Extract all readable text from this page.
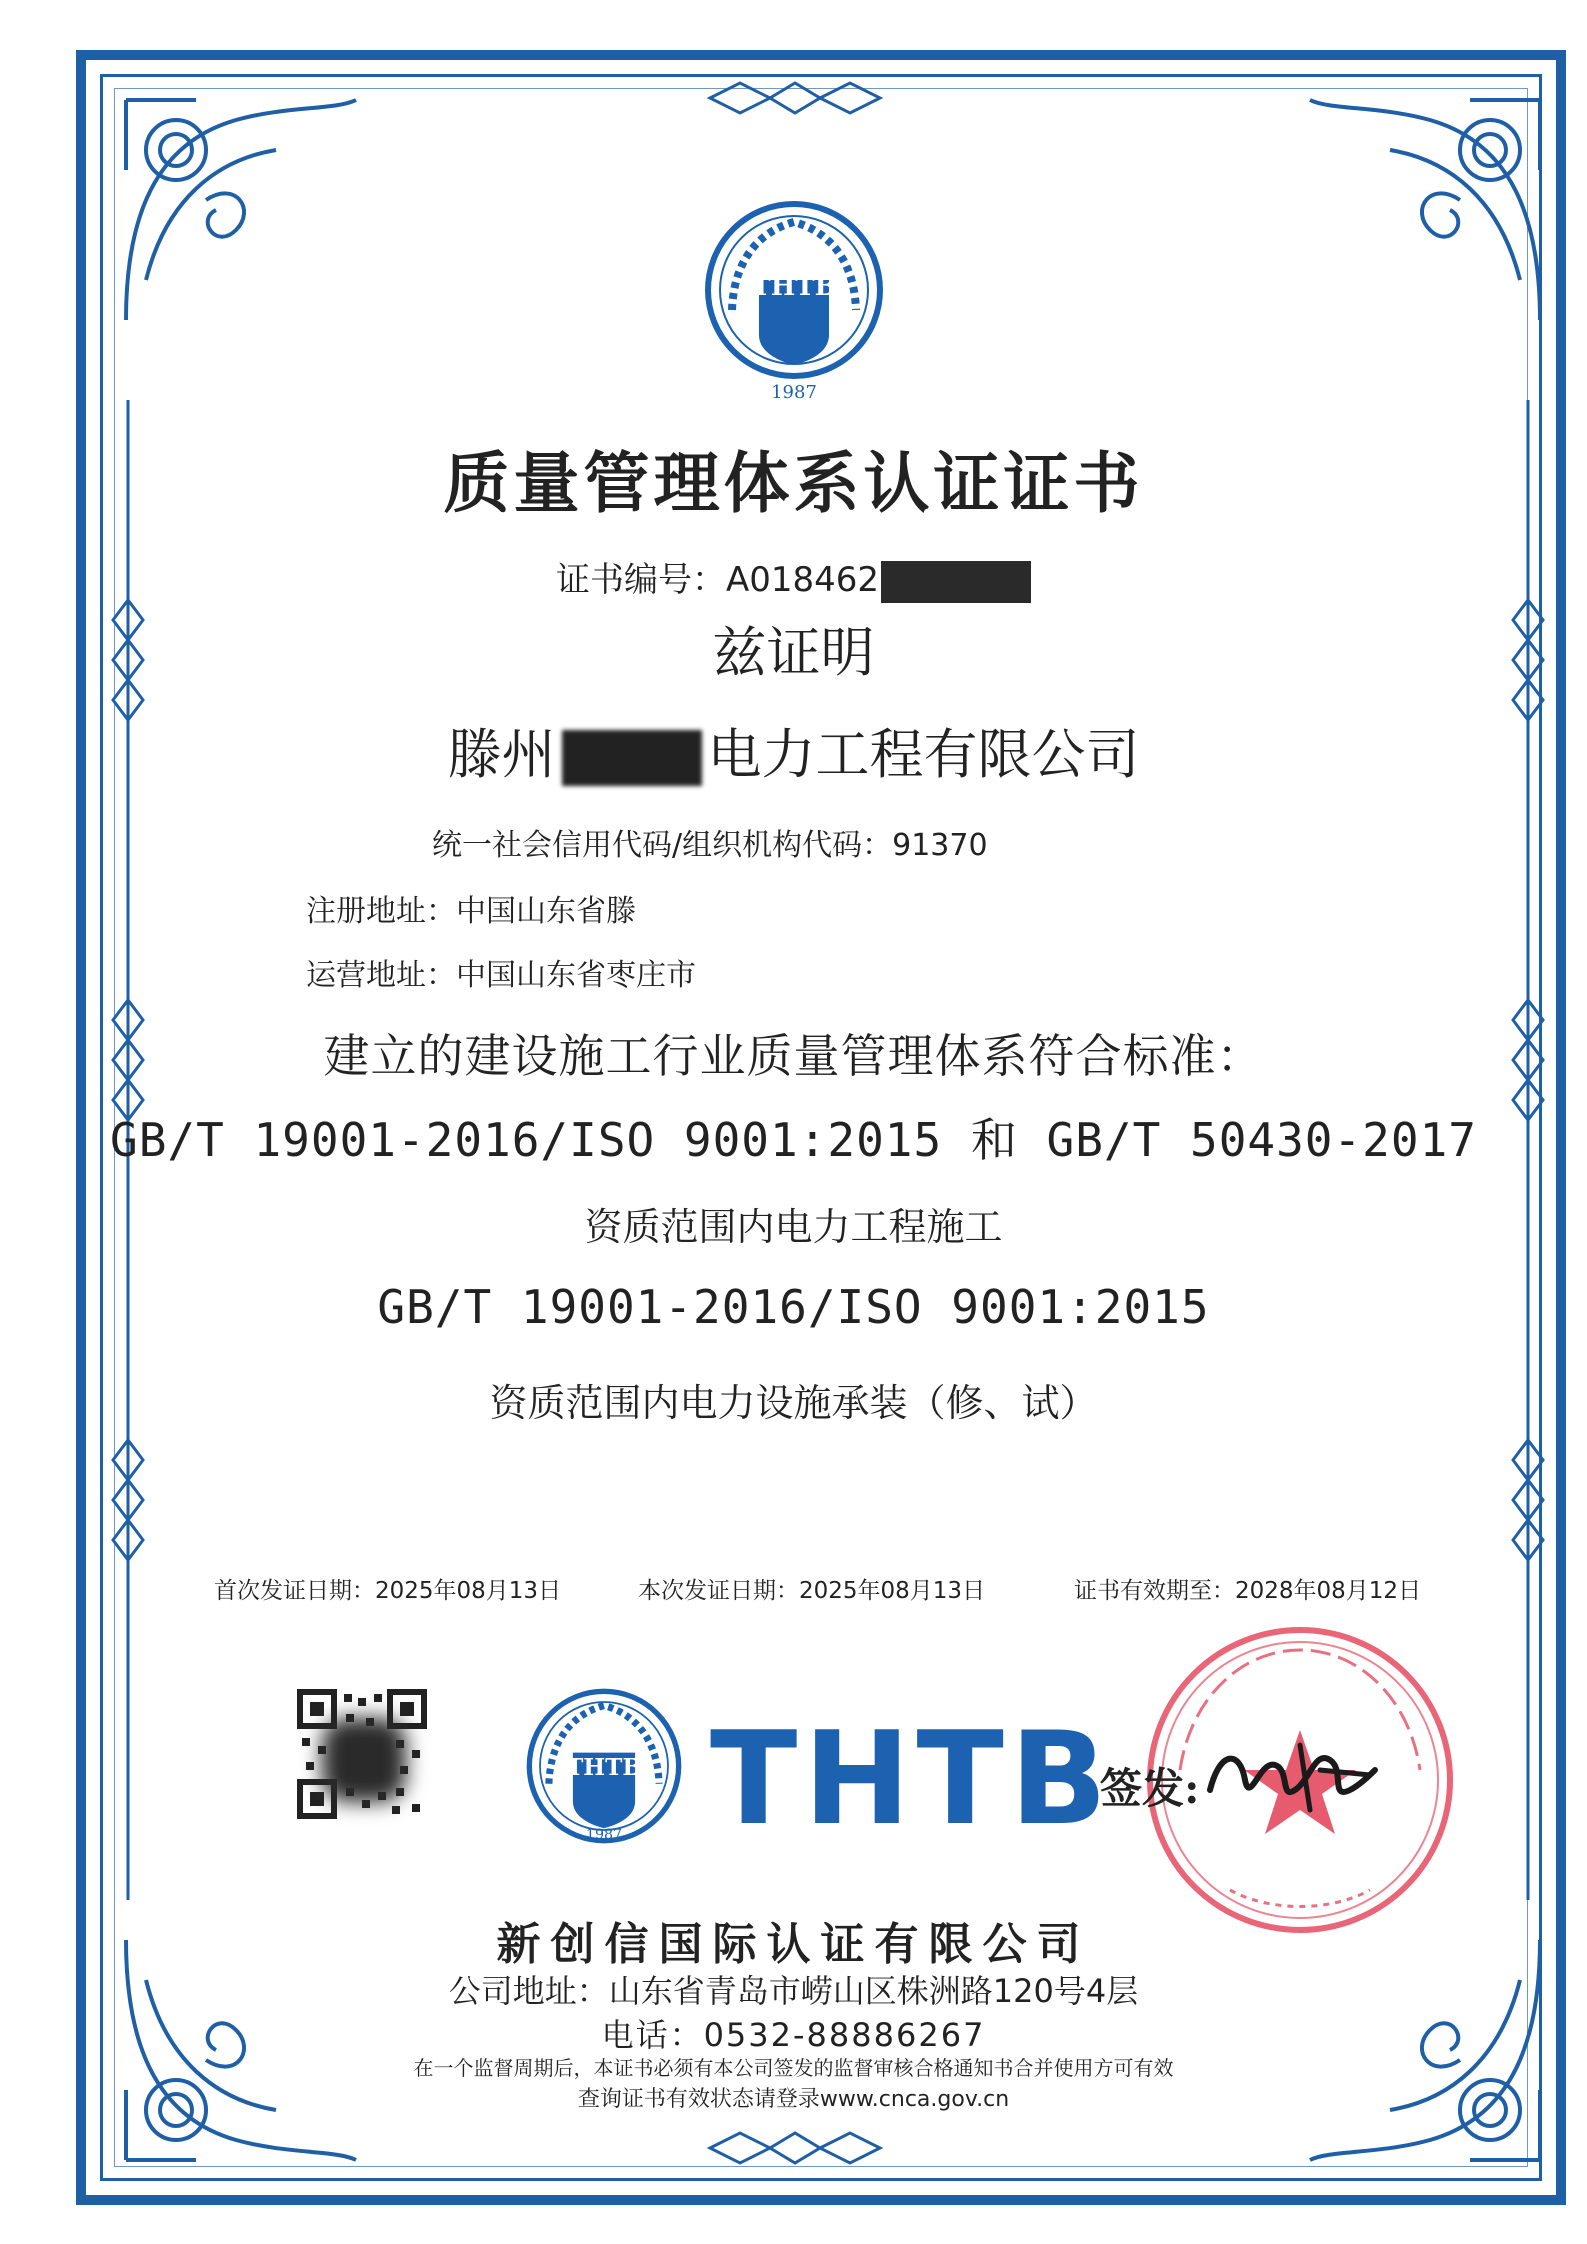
THTB
1987
质量管理体系认证证书
证书编号：A018462
兹证明
滕州	电力工程有限公司
统一社会信用代码/组织机构代码：91370
注册地址：中国山东省滕
运营地址：中国山东省枣庄市
建立的建设施工行业质量管理体系符合标准：
GB/T 19001-2016/ISO 9001:2015 和 GB/T 50430-2017
资质范围内电力工程施工
GB/T 19001-2016/ISO 9001:2015
资质范围内电力设施承装（修、试）
首次发证日期：2025年08月13日	本次发证日期：2025年08月13日	证书有效期至：2028年08月12日
THTB
1987 THTB
签发:
新创信国际认证有限公司
公司地址：山东省青岛市崂山区株洲路120号4层
电话：0532-88886267
在一个监督周期后，本证书必须有本公司签发的监督审核合格通知书合并使用方可有效
查询证书有效状态请登录www.cnca.gov.cn
